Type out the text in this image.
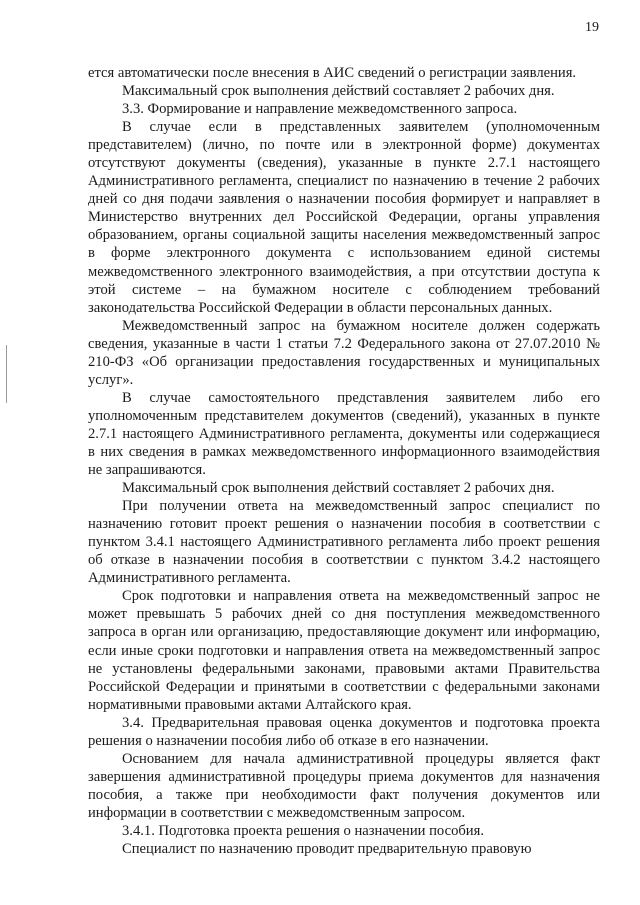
19

ется автоматически после внесения в АИС сведений о регистрации заявления.

Максимальный срок выполнения действий составляет 2 рабочих дня.

3.3. Формирование и направление межведомственного запроса.

В случае если в представленных заявителем (уполномоченным представителем) (лично, по почте или в электронной форме) документах отсутствуют документы (сведения), указанные в пункте 2.7.1 настоящего Административного регламента, специалист по назначению в течение 2 рабочих дней со дня подачи заявления о назначении пособия формирует и направляет в Министерство внутренних дел Российской Федерации, органы управления образованием, органы социальной защиты населения межведомственный запрос в форме электронного документа с использованием единой системы межведомственного электронного взаимодействия, а при отсутствии доступа к этой системе – на бумажном носителе с соблюдением требований законодательства Российской Федерации в области персональных данных.

Межведомственный запрос на бумажном носителе должен содержать сведения, указанные в части 1 статьи 7.2 Федерального закона от 27.07.2010 № 210-ФЗ «Об организации предоставления государственных и муниципальных услуг».

В случае самостоятельного представления заявителем либо его уполномоченным представителем документов (сведений), указанных в пункте 2.7.1 настоящего Административного регламента, документы или содержащиеся в них сведения в рамках межведомственного информационного взаимодействия не запрашиваются.

Максимальный срок выполнения действий составляет 2 рабочих дня.

При получении ответа на межведомственный запрос специалист по назначению готовит проект решения о назначении пособия в соответствии с пунктом 3.4.1 настоящего Административного регламента либо проект решения об отказе в назначении пособия в соответствии с пунктом 3.4.2 настоящего Административного регламента.

Срок подготовки и направления ответа на межведомственный запрос не может превышать 5 рабочих дней со дня поступления межведомственного запроса в орган или организацию, предоставляющие документ или информацию, если иные сроки подготовки и направления ответа на межведомственный запрос не установлены федеральными законами, правовыми актами Правительства Российской Федерации и принятыми в соответствии с федеральными законами нормативными правовыми актами Алтайского края.

3.4. Предварительная правовая оценка документов и подготовка проекта решения о назначении пособия либо об отказе в его назначении.

Основанием для начала административной процедуры является факт завершения административной процедуры приема документов для назначения пособия, а также при необходимости факт получения документов или информации в соответствии с межведомственным запросом.

3.4.1. Подготовка проекта решения о назначении пособия.

Специалист по назначению проводит предварительную правовую
